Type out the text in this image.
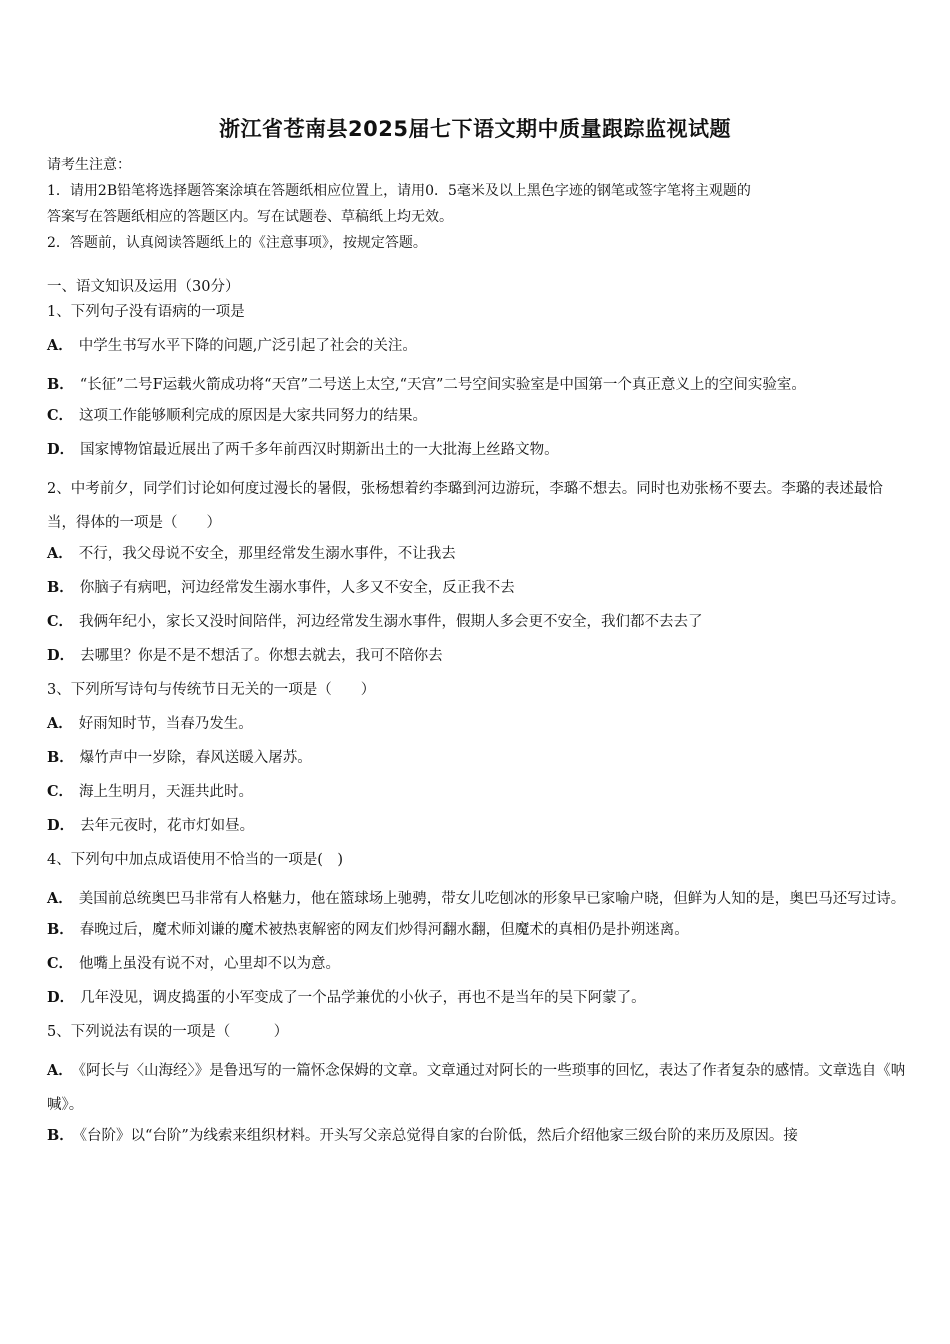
浙江省苍南县2025届七下语文期中质量跟踪监视试题
请考生注意：
1．请用2B铅笔将选择题答案涂填在答题纸相应位置上，请用0．5毫米及以上黑色字迹的钢笔或签字笔将主观题的
答案写在答题纸相应的答题区内。写在试题卷、草稿纸上均无效。
2．答题前，认真阅读答题纸上的《注意事项》，按规定答题。
一、语文知识及运用（30分）
1、下列句子没有语病的一项是
A． 中学生书写水平下降的问题,广泛引起了社会的关注。
B． “长征”二号F运载火箭成功将“天宫”二号送上太空,“天宫”二号空间实验室是中国第一个真正意义上的空间实验室。
C． 这项工作能够顺利完成的原因是大家共同努力的结果。
D． 国家博物馆最近展出了两千多年前西汉时期新出土的一大批海上丝路文物。
2、中考前夕，同学们讨论如何度过漫长的暑假，张杨想着约李璐到河边游玩，李璐不想去。同时也劝张杨不要去。李璐的表述最恰当，得体的一项是（　　）
A． 不行，我父母说不安全，那里经常发生溺水事件，不让我去
B． 你脑子有病吧，河边经常发生溺水事件，人多又不安全，反正我不去
C． 我俩年纪小，家长又没时间陪伴，河边经常发生溺水事件，假期人多会更不安全，我们都不去去了
D． 去哪里？你是不是不想活了。你想去就去，我可不陪你去
3、下列所写诗句与传统节日无关的一项是（　　）
A． 好雨知时节，当春乃发生。
B． 爆竹声中一岁除，春风送暖入屠苏。
C． 海上生明月，天涯共此时。
D． 去年元夜时，花市灯如昼。
4、下列句中加点成语使用不恰当的一项是(　)
A． 美国前总统奥巴马非常有人格魅力，他在篮球场上驰骋，带女儿吃刨冰的形象早已家喻户晓，但鲜为人知的是，奥巴马还写过诗。
B． 春晚过后，魔术师刘谦的魔术被热衷解密的网友们炒得河翻水翻，但魔术的真相仍是扑朔迷离。
C． 他嘴上虽没有说不对，心里却不以为意。
D． 几年没见，调皮捣蛋的小军变成了一个品学兼优的小伙子，再也不是当年的吴下阿蒙了。
5、下列说法有误的一项是（　　　）
A． 《阿长与〈山海经〉》是鲁迅写的一篇怀念保姆的文章。文章通过对阿长的一些琐事的回忆，表达了作者复杂的感情。文章选自《呐喊》。
B． 《台阶》以“台阶”为线索来组织材料。开头写父亲总觉得自家的台阶低，然后介绍他家三级台阶的来历及原因。接
